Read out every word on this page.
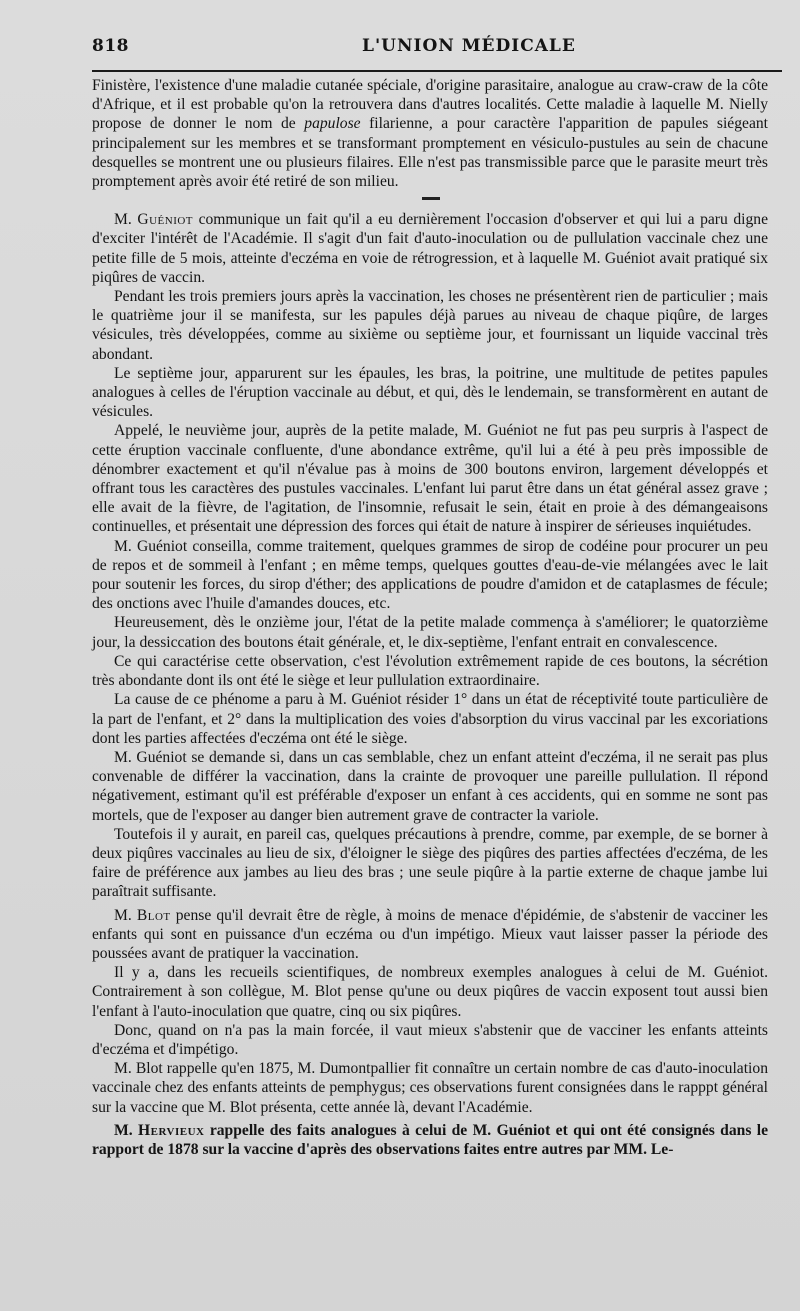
818	L'UNION MÉDICALE

Finistère, l'existence d'une maladie cutanée spéciale, d'origine parasitaire, analogue au craw-craw de la côte d'Afrique, et il est probable qu'on la retrouvera dans d'autres localités. Cette maladie à laquelle M. Nielly propose de donner le nom de papulose filarienne, a pour caractère l'apparition de papules siégeant principalement sur les membres et se transformant promptement en vésiculo-pustules au sein de chacune desquelles se montrent une ou plusieurs filaires. Elle n'est pas transmissible parce que le parasite meurt très promptement après avoir été retiré de son milieu.

M. Guéniot communique un fait qu'il a eu dernièrement l'occasion d'observer et qui lui a paru digne d'exciter l'intérêt de l'Académie. Il s'agit d'un fait d'auto-inoculation ou de pullulation vaccinale chez une petite fille de 5 mois, atteinte d'eczéma en voie de rétrogression, et à laquelle M. Guéniot avait pratiqué six piqûres de vaccin.

Pendant les trois premiers jours après la vaccination, les choses ne présentèrent rien de particulier ; mais le quatrième jour il se manifesta, sur les papules déjà parues au niveau de chaque piqûre, de larges vésicules, très développées, comme au sixième ou septième jour, et fournissant un liquide vaccinal très abondant.

Le septième jour, apparurent sur les épaules, les bras, la poitrine, une multitude de petites papules analogues à celles de l'éruption vaccinale au début, et qui, dès le lendemain, se transformèrent en autant de vésicules.

Appelé, le neuvième jour, auprès de la petite malade, M. Guéniot ne fut pas peu surpris à l'aspect de cette éruption vaccinale confluente, d'une abondance extrême, qu'il lui a été à peu près impossible de dénombrer exactement et qu'il n'évalue pas à moins de 300 boutons environ, largement développés et offrant tous les caractères des pustules vaccinales. L'enfant lui parut être dans un état général assez grave ; elle avait de la fièvre, de l'agitation, de l'insomnie, refusait le sein, était en proie à des démangeaisons continuelles, et présentait une dépression des forces qui était de nature à inspirer de sérieuses inquiétudes.

M. Guéniot conseilla, comme traitement, quelques grammes de sirop de codéine pour procurer un peu de repos et de sommeil à l'enfant ; en même temps, quelques gouttes d'eau-de-vie mélangées avec le lait pour soutenir les forces, du sirop d'éther; des applications de poudre d'amidon et de cataplasmes de fécule; des onctions avec l'huile d'amandes douces, etc.

Heureusement, dès le onzième jour, l'état de la petite malade commença à s'améliorer; le quatorzième jour, la dessiccation des boutons était générale, et, le dix-septième, l'enfant entrait en convalescence.

Ce qui caractérise cette observation, c'est l'évolution extrêmement rapide de ces boutons, la sécrétion très abondante dont ils ont été le siège et leur pullulation extraordinaire.

La cause de ce phénome a paru à M. Guéniot résider 1° dans un état de réceptivité toute particulière de la part de l'enfant, et 2° dans la multiplication des voies d'absorption du virus vaccinal par les excoriations dont les parties affectées d'eczéma ont été le siège.

M. Guéniot se demande si, dans un cas semblable, chez un enfant atteint d'eczéma, il ne serait pas plus convenable de différer la vaccination, dans la crainte de provoquer une pareille pullulation. Il répond négativement, estimant qu'il est préférable d'exposer un enfant à ces accidents, qui en somme ne sont pas mortels, que de l'exposer au danger bien autrement grave de contracter la variole.

Toutefois il y aurait, en pareil cas, quelques précautions à prendre, comme, par exemple, de se borner à deux piqûres vaccinales au lieu de six, d'éloigner le siège des piqûres des parties affectées d'eczéma, de les faire de préférence aux jambes au lieu des bras ; une seule piqûre à la partie externe de chaque jambe lui paraîtrait suffisante.

M. Blot pense qu'il devrait être de règle, à moins de menace d'épidémie, de s'abstenir de vacciner les enfants qui sont en puissance d'un eczéma ou d'un impétigo. Mieux vaut laisser passer la période des poussées avant de pratiquer la vaccination.

Il y a, dans les recueils scientifiques, de nombreux exemples analogues à celui de M. Guéniot. Contrairement à son collègue, M. Blot pense qu'une ou deux piqûres de vaccin exposent tout aussi bien l'enfant à l'auto-inoculation que quatre, cinq ou six piqûres.

Donc, quand on n'a pas la main forcée, il vaut mieux s'abstenir que de vacciner les enfants atteints d'eczéma et d'impétigo.

M. Blot rappelle qu'en 1875, M. Dumontpallier fit connaître un certain nombre de cas d'auto-inoculation vaccinale chez des enfants atteints de pemphygus; ces observations furent consignées dans le rapppt général sur la vaccine que M. Blot présenta, cette année là, devant l'Académie.

M. Hervieux rappelle des faits analogues à celui de M. Guéniot et qui ont été consignés dans le rapport de 1878 sur la vaccine d'après des observations faites entre autres par MM. Le-
